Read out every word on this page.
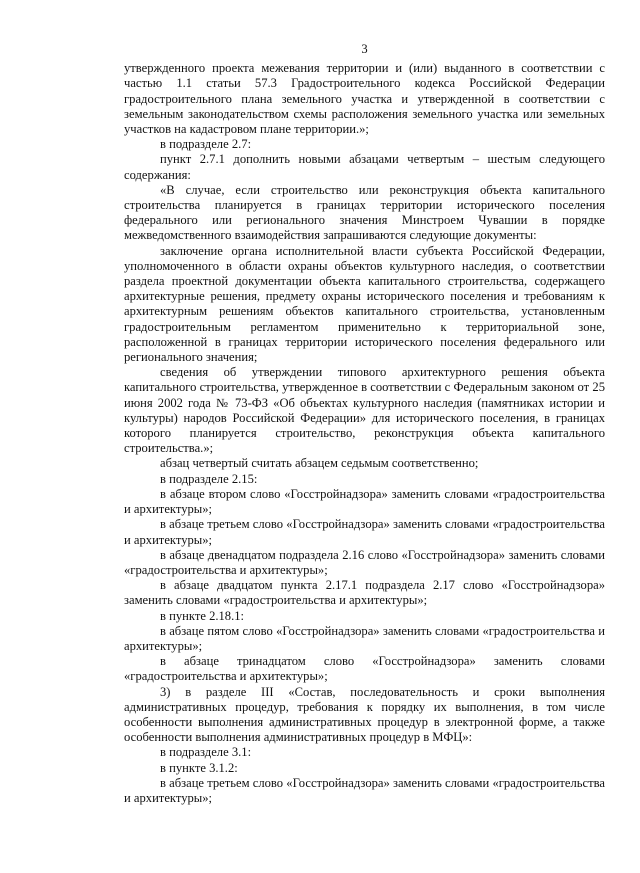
3

утвержденного проекта межевания территории и (или) выданного в соответствии с частью 1.1 статьи 57.3 Градостроительного кодекса Российской Федерации градостроительного плана земельного участка и утвержденной в соответствии с земельным законодательством схемы расположения земельного участка или земельных участков на кадастровом плане территории.»;

в подразделе 2.7:

пункт 2.7.1 дополнить новыми абзацами четвертым – шестым следующего содержания:

«В случае, если строительство или реконструкция объекта капитального строительства планируется в границах территории исторического поселения федерального или регионального значения Минстроем Чувашии в порядке межведомственного взаимодействия запрашиваются следующие документы:

заключение органа исполнительной власти субъекта Российской Федерации, уполномоченного в области охраны объектов культурного наследия, о соответствии раздела проектной документации объекта капитального строительства, содержащего архитектурные решения, предмету охраны исторического поселения и требованиям к архитектурным решениям объектов капитального строительства, установленным градостроительным регламентом применительно к территориальной зоне, расположенной в границах территории исторического поселения федерального или регионального значения;

сведения об утверждении типового архитектурного решения объекта капитального строительства, утвержденное в соответствии с Федеральным законом от 25 июня 2002 года № 73-ФЗ «Об объектах культурного наследия (памятниках истории и культуры) народов Российской Федерации» для исторического поселения, в границах которого планируется строительство, реконструкция объекта капитального строительства.»;

абзац четвертый считать абзацем седьмым соответственно;

в подразделе 2.15:

в абзаце втором слово «Госстройнадзора» заменить словами «градостроительства и архитектуры»;

в абзаце третьем слово «Госстройнадзора» заменить словами «градостроительства и архитектуры»;

в абзаце двенадцатом подраздела 2.16 слово «Госстройнадзора» заменить словами «градостроительства и архитектуры»;

в абзаце двадцатом пункта 2.17.1 подраздела 2.17 слово «Госстройнадзора» заменить словами «градостроительства и архитектуры»;

в пункте 2.18.1:

в абзаце пятом слово «Госстройнадзора» заменить словами «градостроительства и архитектуры»;

в абзаце тринадцатом слово «Госстройнадзора» заменить словами «градостроительства и архитектуры»;

3) в разделе III «Состав, последовательность и сроки выполнения административных процедур, требования к порядку их выполнения, в том числе особенности выполнения административных процедур в электронной форме, а также особенности выполнения административных процедур в МФЦ»:

в подразделе 3.1:

в пункте 3.1.2:

в абзаце третьем слово «Госстройнадзора» заменить словами «градостроительства и архитектуры»;
